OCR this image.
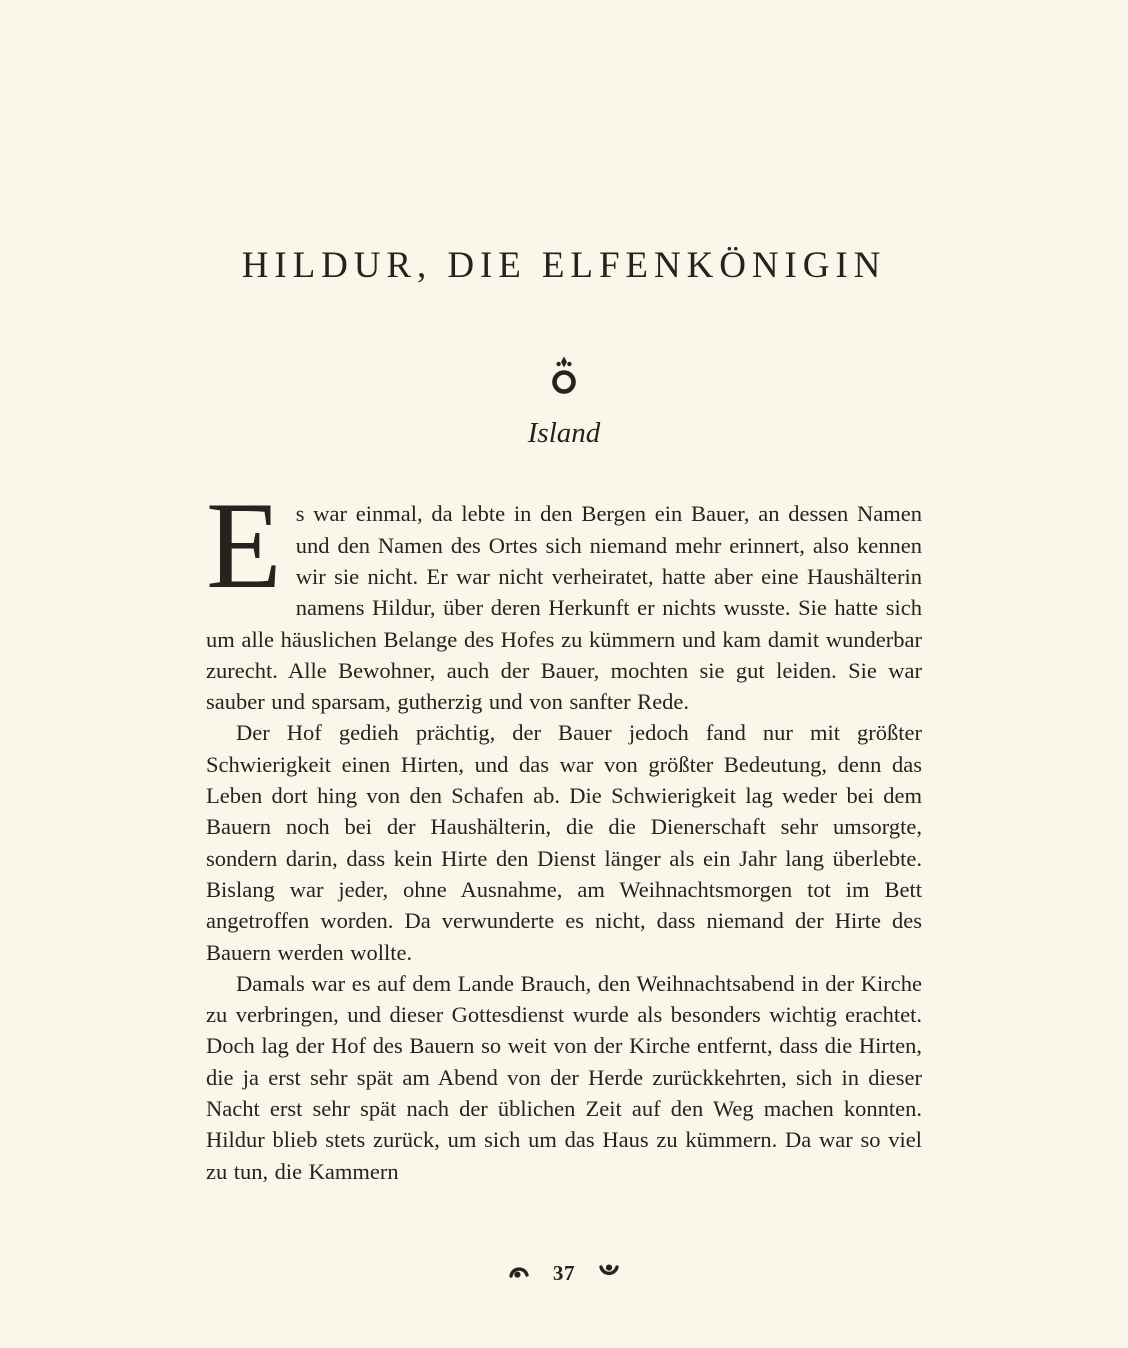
HILDUR, DIE ELFENKÖNIGIN
Island

Es war einmal, da lebte in den Bergen ein Bauer, an dessen Namen und den Namen des Ortes sich niemand mehr erinnert, also kennen wir sie nicht. Er war nicht verheiratet, hatte aber eine Haushälterin namens Hildur, über deren Herkunft er nichts wusste. Sie hatte sich um alle häuslichen Belange des Hofes zu kümmern und kam damit wunderbar zurecht. Alle Bewohner, auch der Bauer, mochten sie gut leiden. Sie war sauber und sparsam, gutherzig und von sanfter Rede.

Der Hof gedieh prächtig, der Bauer jedoch fand nur mit größter Schwierigkeit einen Hirten, und das war von größter Bedeutung, denn das Leben dort hing von den Schafen ab. Die Schwierigkeit lag weder bei dem Bauern noch bei der Haushälterin, die die Dienerschaft sehr umsorgte, sondern darin, dass kein Hirte den Dienst länger als ein Jahr lang überlebte. Bislang war jeder, ohne Ausnahme, am Weihnachtsmorgen tot im Bett angetroffen worden. Da verwunderte es nicht, dass niemand der Hirte des Bauern werden wollte.

Damals war es auf dem Lande Brauch, den Weihnachtsabend in der Kirche zu verbringen, und dieser Gottesdienst wurde als besonders wichtig erachtet. Doch lag der Hof des Bauern so weit von der Kirche entfernt, dass die Hirten, die ja erst sehr spät am Abend von der Herde zurückkehrten, sich in dieser Nacht erst sehr spät nach der üblichen Zeit auf den Weg machen konnten. Hildur blieb stets zurück, um sich um das Haus zu kümmern. Da war so viel zu tun, die Kammern

37
